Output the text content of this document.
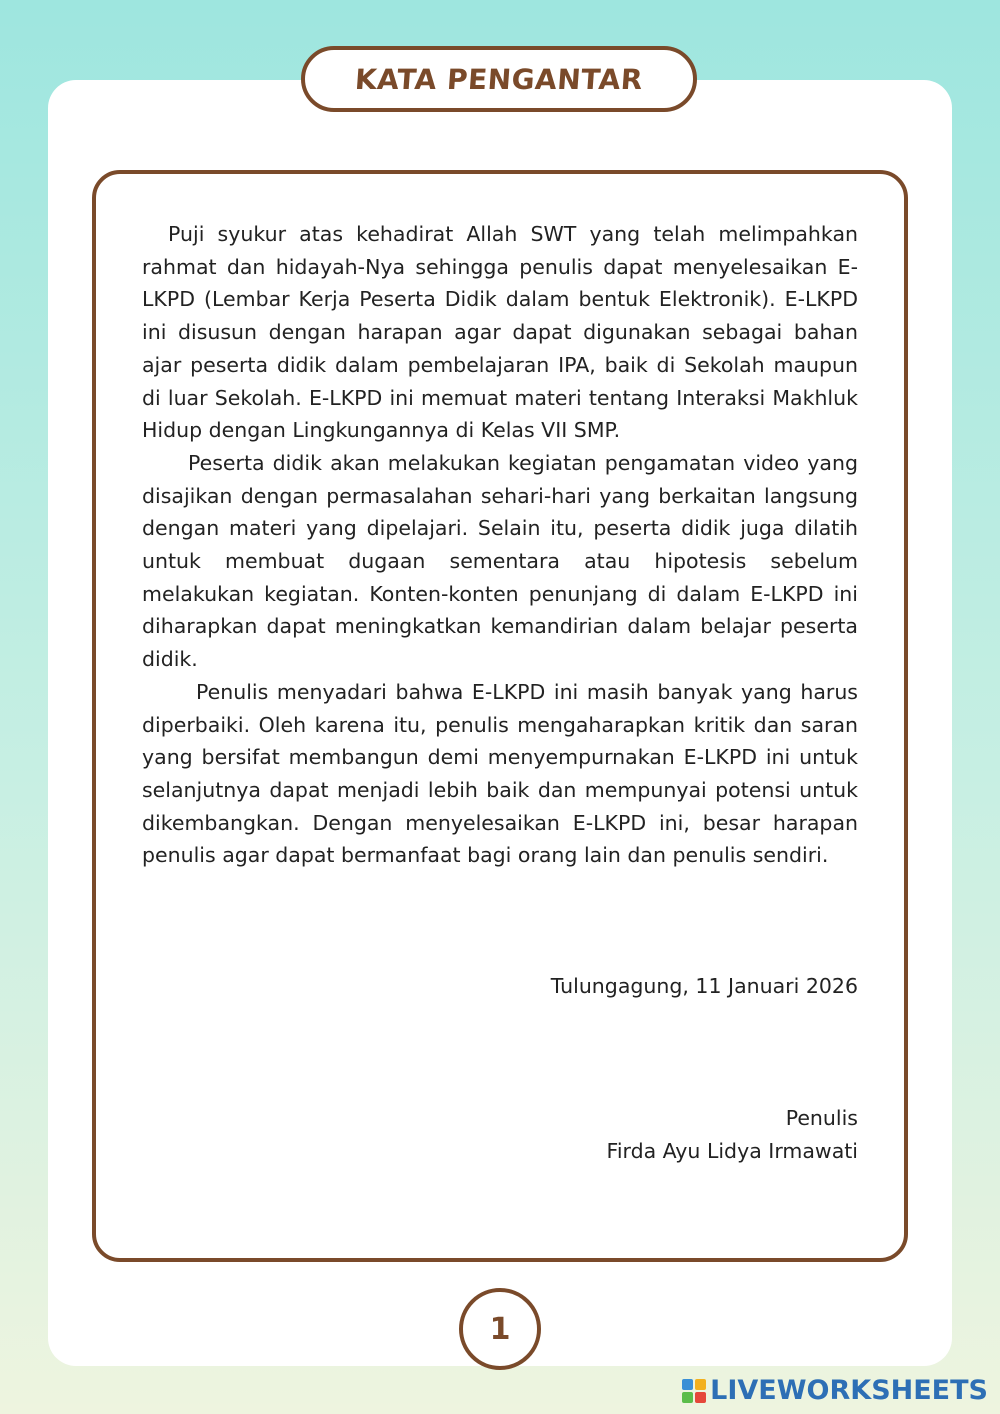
KATA PENGANTAR

Puji syukur atas kehadirat Allah SWT yang telah melimpahkan rahmat dan hidayah-Nya sehingga penulis dapat menyelesaikan E-LKPD (Lembar Kerja Peserta Didik dalam bentuk Elektronik). E-LKPD ini disusun dengan harapan agar dapat digunakan sebagai bahan ajar peserta didik dalam pembelajaran IPA, baik di Sekolah maupun di luar Sekolah. E-LKPD ini memuat materi tentang Interaksi Makhluk Hidup dengan Lingkungannya di Kelas VII SMP.

Peserta didik akan melakukan kegiatan pengamatan video yang disajikan dengan permasalahan sehari-hari yang berkaitan langsung dengan materi yang dipelajari. Selain itu, peserta didik juga dilatih untuk membuat dugaan sementara atau hipotesis sebelum melakukan kegiatan. Konten-konten penunjang di dalam E-LKPD ini diharapkan dapat meningkatkan kemandirian dalam belajar peserta didik.

Penulis menyadari bahwa E-LKPD ini masih banyak yang harus diperbaiki. Oleh karena itu, penulis mengaharapkan kritik dan saran yang bersifat membangun demi menyempurnakan E-LKPD ini untuk selanjutnya dapat menjadi lebih baik dan mempunyai potensi untuk dikembangkan. Dengan menyelesaikan E-LKPD ini, besar harapan penulis agar dapat bermanfaat bagi orang lain dan penulis sendiri.

Tulungagung, 11 Januari 2026
Penulis
Firda Ayu Lidya Irmawati
1
LIVEWORKSHEETS
